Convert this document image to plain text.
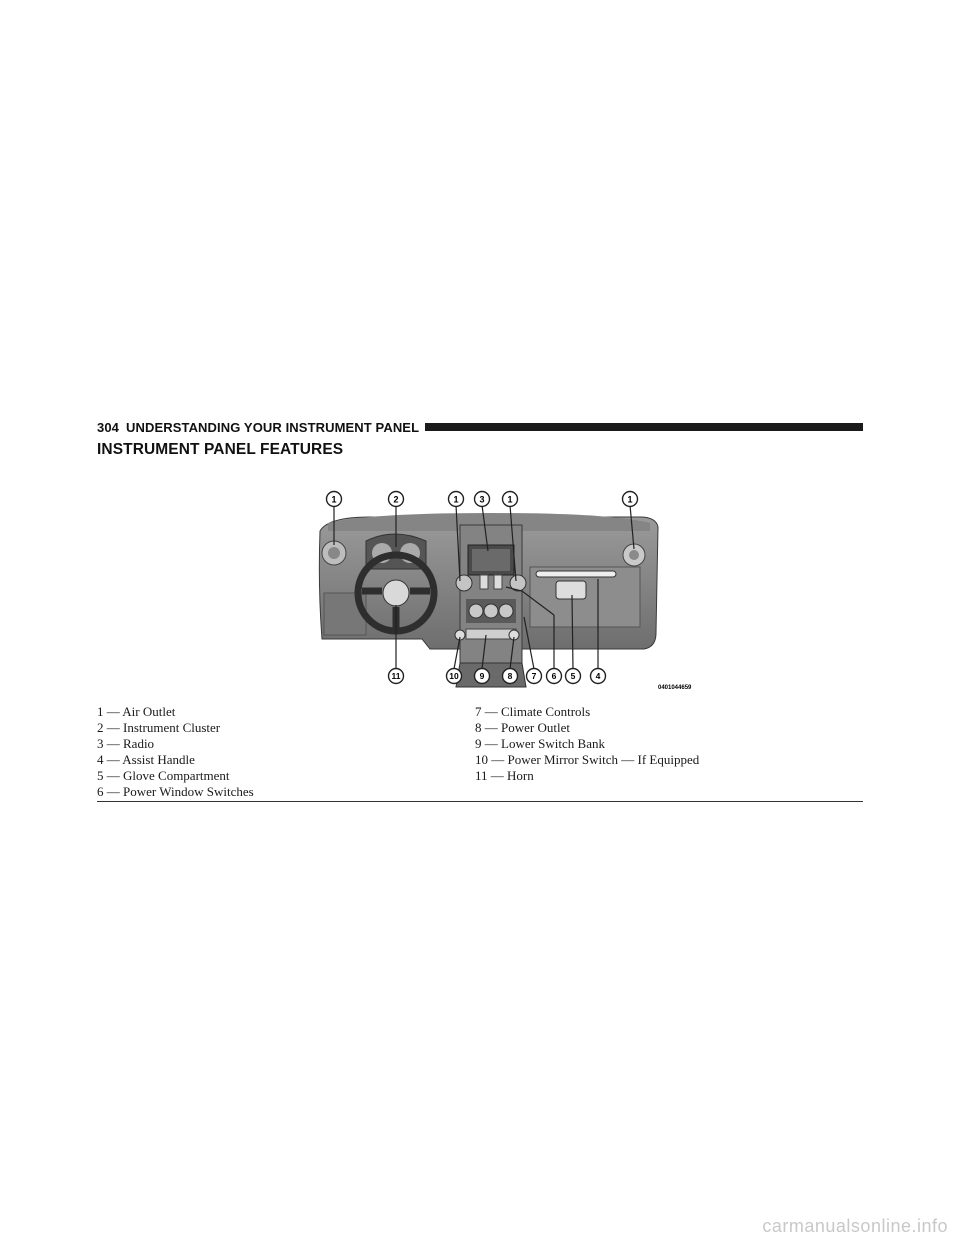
304 UNDERSTANDING YOUR INSTRUMENT PANEL
INSTRUMENT PANEL FEATURES
1	2	1 3	1	1
11	10 9	8 7 6 5 4
0401044659
1 — Air Outlet
2 — Instrument Cluster
3 — Radio
4 — Assist Handle
5 — Glove Compartment
6 — Power Window Switches
7 — Climate Controls
8 — Power Outlet
9 — Lower Switch Bank
10 — Power Mirror Switch — If Equipped
11 — Horn
carmanualsonline.info
